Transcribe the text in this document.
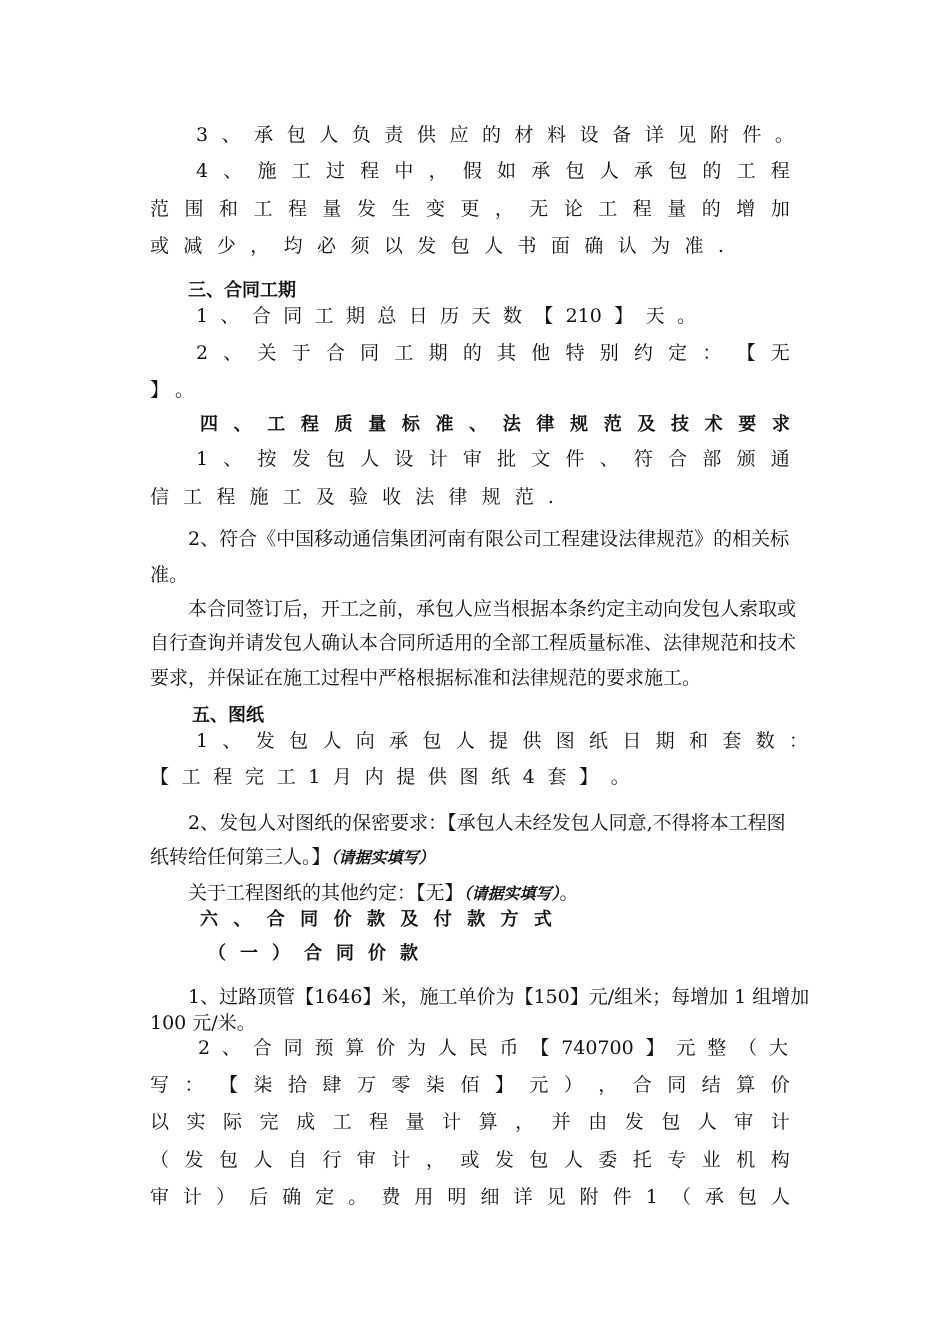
3 、 承 包 人 负 责 供 应 的 材 料 设 备 详 见 附 件 。
4 、 施 工 过 程 中 ， 假 如 承 包 人 承 包 的 工 程
范 围 和 工 程 量 发 生 变 更 ， 无 论 工 程 量 的 增 加
或 减 少 ， 均 必 须 以 发 包 人 书 面 确 认 为 准 .
三、合同工期
1 、 合 同 工 期 总 日 历 天 数 【 210 】 天 。
2 、 关 于 合 同 工 期 的 其 他 特 别 约 定 ： 【 无
】 。
四 、 工 程 质 量 标 准 、 法 律 规 范 及 技 术 要 求
1 、 按 发 包 人 设 计 审 批 文 件 、 符 合 部 颁 通
信 工 程 施 工 及 验 收 法 律 规 范 .
2、符合《中国移动通信集团河南有限公司工程建设法律规范》的相关标
准。
本合同签订后，开工之前，承包人应当根据本条约定主动向发包人索取或
自行查询并请发包人确认本合同所适用的全部工程质量标准、法律规范和技术
要求，并保证在施工过程中严格根据标准和法律规范的要求施工。
五、图纸
1 、 发 包 人 向 承 包 人 提 供 图 纸 日 期 和 套 数 ：
【 工 程 完 工 1 月 内 提 供 图 纸 4 套 】 。
2、发包人对图纸的保密要求：【承包人未经发包人同意,不得将本工程图
纸转给任何第三人。】（请据实填写）
关于工程图纸的其他约定：【无】（请据实填写）。
六 、 合 同 价 款 及 付 款 方 式
（ 一 ） 合 同 价 款
1、过路顶管【1646】米，施工单价为【150】元/组米；每增加 1 组增加
100 元/米。
2 、 合 同 预 算 价 为 人 民 币 【 740700 】 元 整 （ 大
写 ： 【 柒 拾 肆 万 零 柒 佰 】 元 ） ， 合 同 结 算 价
以 实 际 完 成 工 程 量 计 算 ， 并 由 发 包 人 审 计
（ 发 包 人 自 行 审 计 ， 或 发 包 人 委 托 专 业 机 构
审 计 ） 后 确 定 。 费 用 明 细 详 见 附 件 1 （ 承 包 人
